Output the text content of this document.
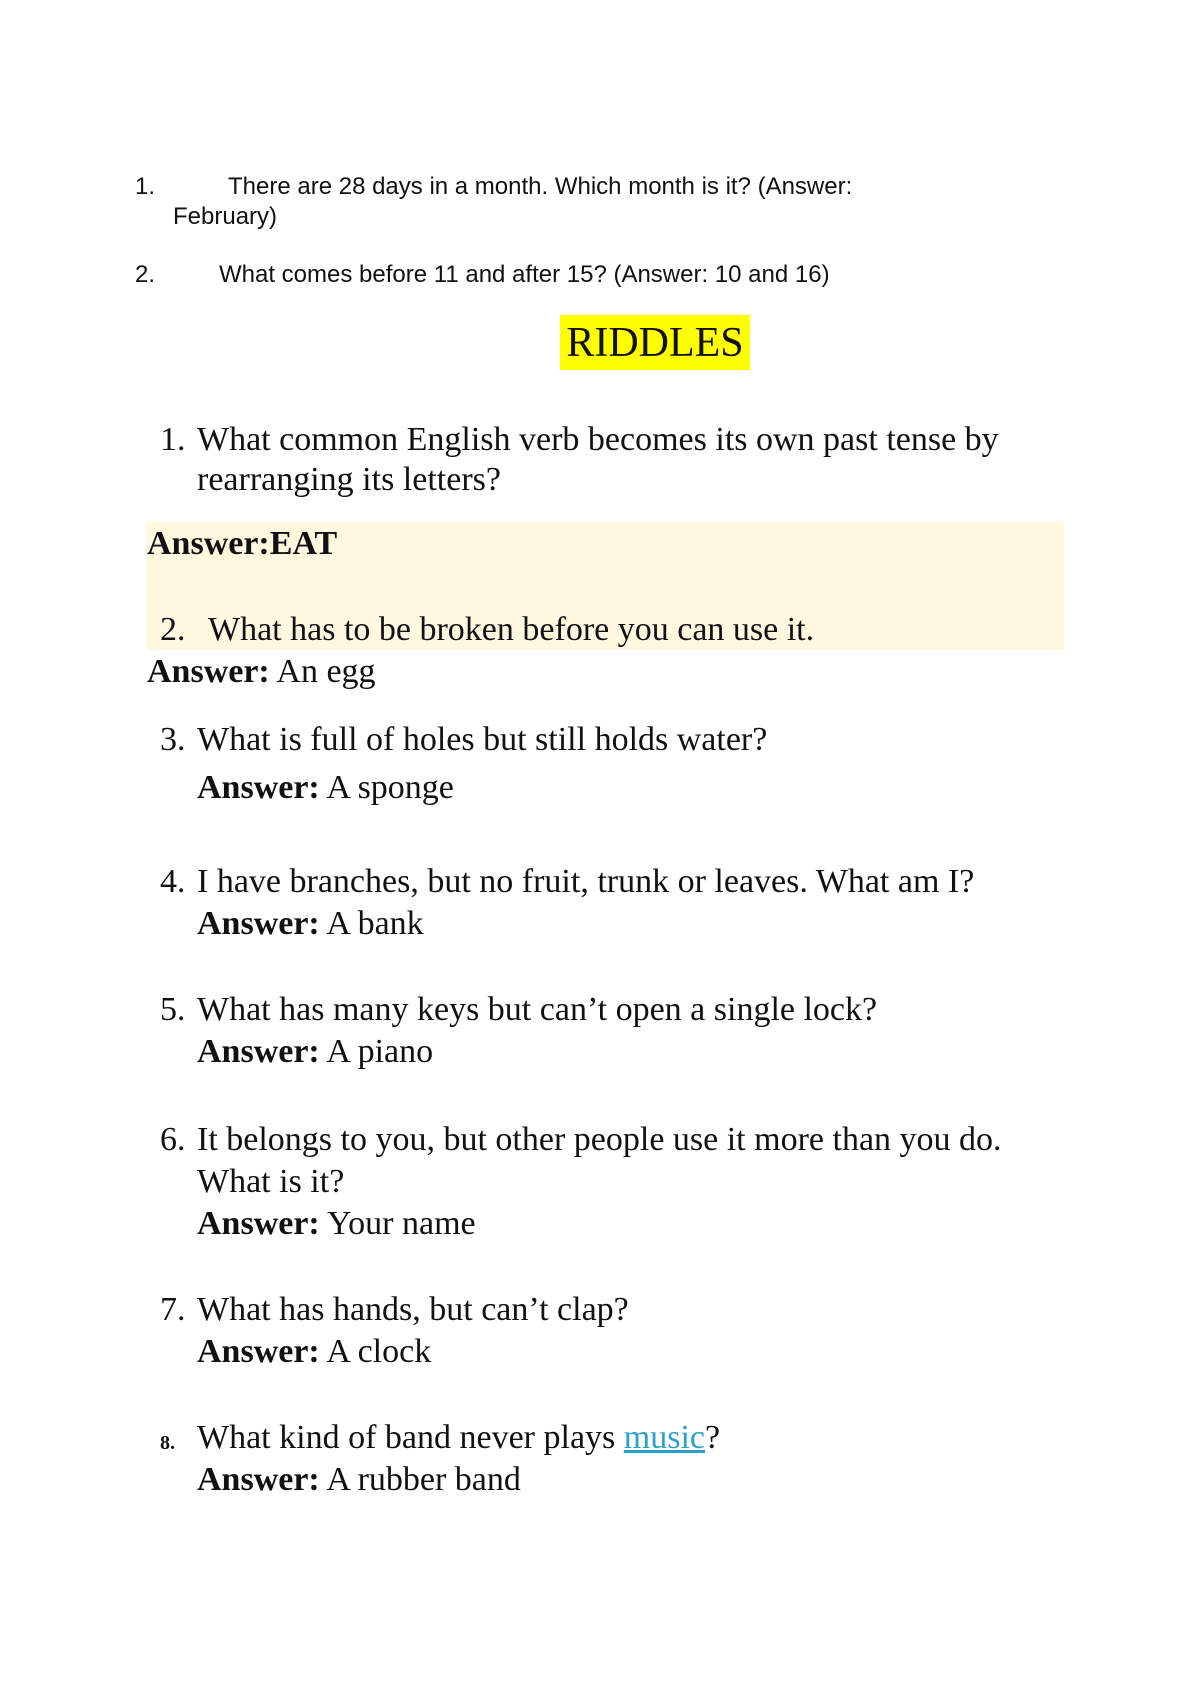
1.	There are 28 days in a month. Which month is it? (Answer:
February)
2.	What comes before 11 and after 15? (Answer: 10 and 16)
RIDDLES
1. What common English verb becomes its own past tense by
rearranging its letters?
Answer:EAT
2. What has to be broken before you can use it.
Answer: An egg
3. What is full of holes but still holds water?
Answer: A sponge
4. I have branches, but no fruit, trunk or leaves. What am I?
Answer: A bank
5. What has many keys but can’t open a single lock?
Answer: A piano
6. It belongs to you, but other people use it more than you do.
What is it?
Answer: Your name
7. What has hands, but can’t clap?
Answer: A clock
8. What kind of band never plays music?
Answer: A rubber band
